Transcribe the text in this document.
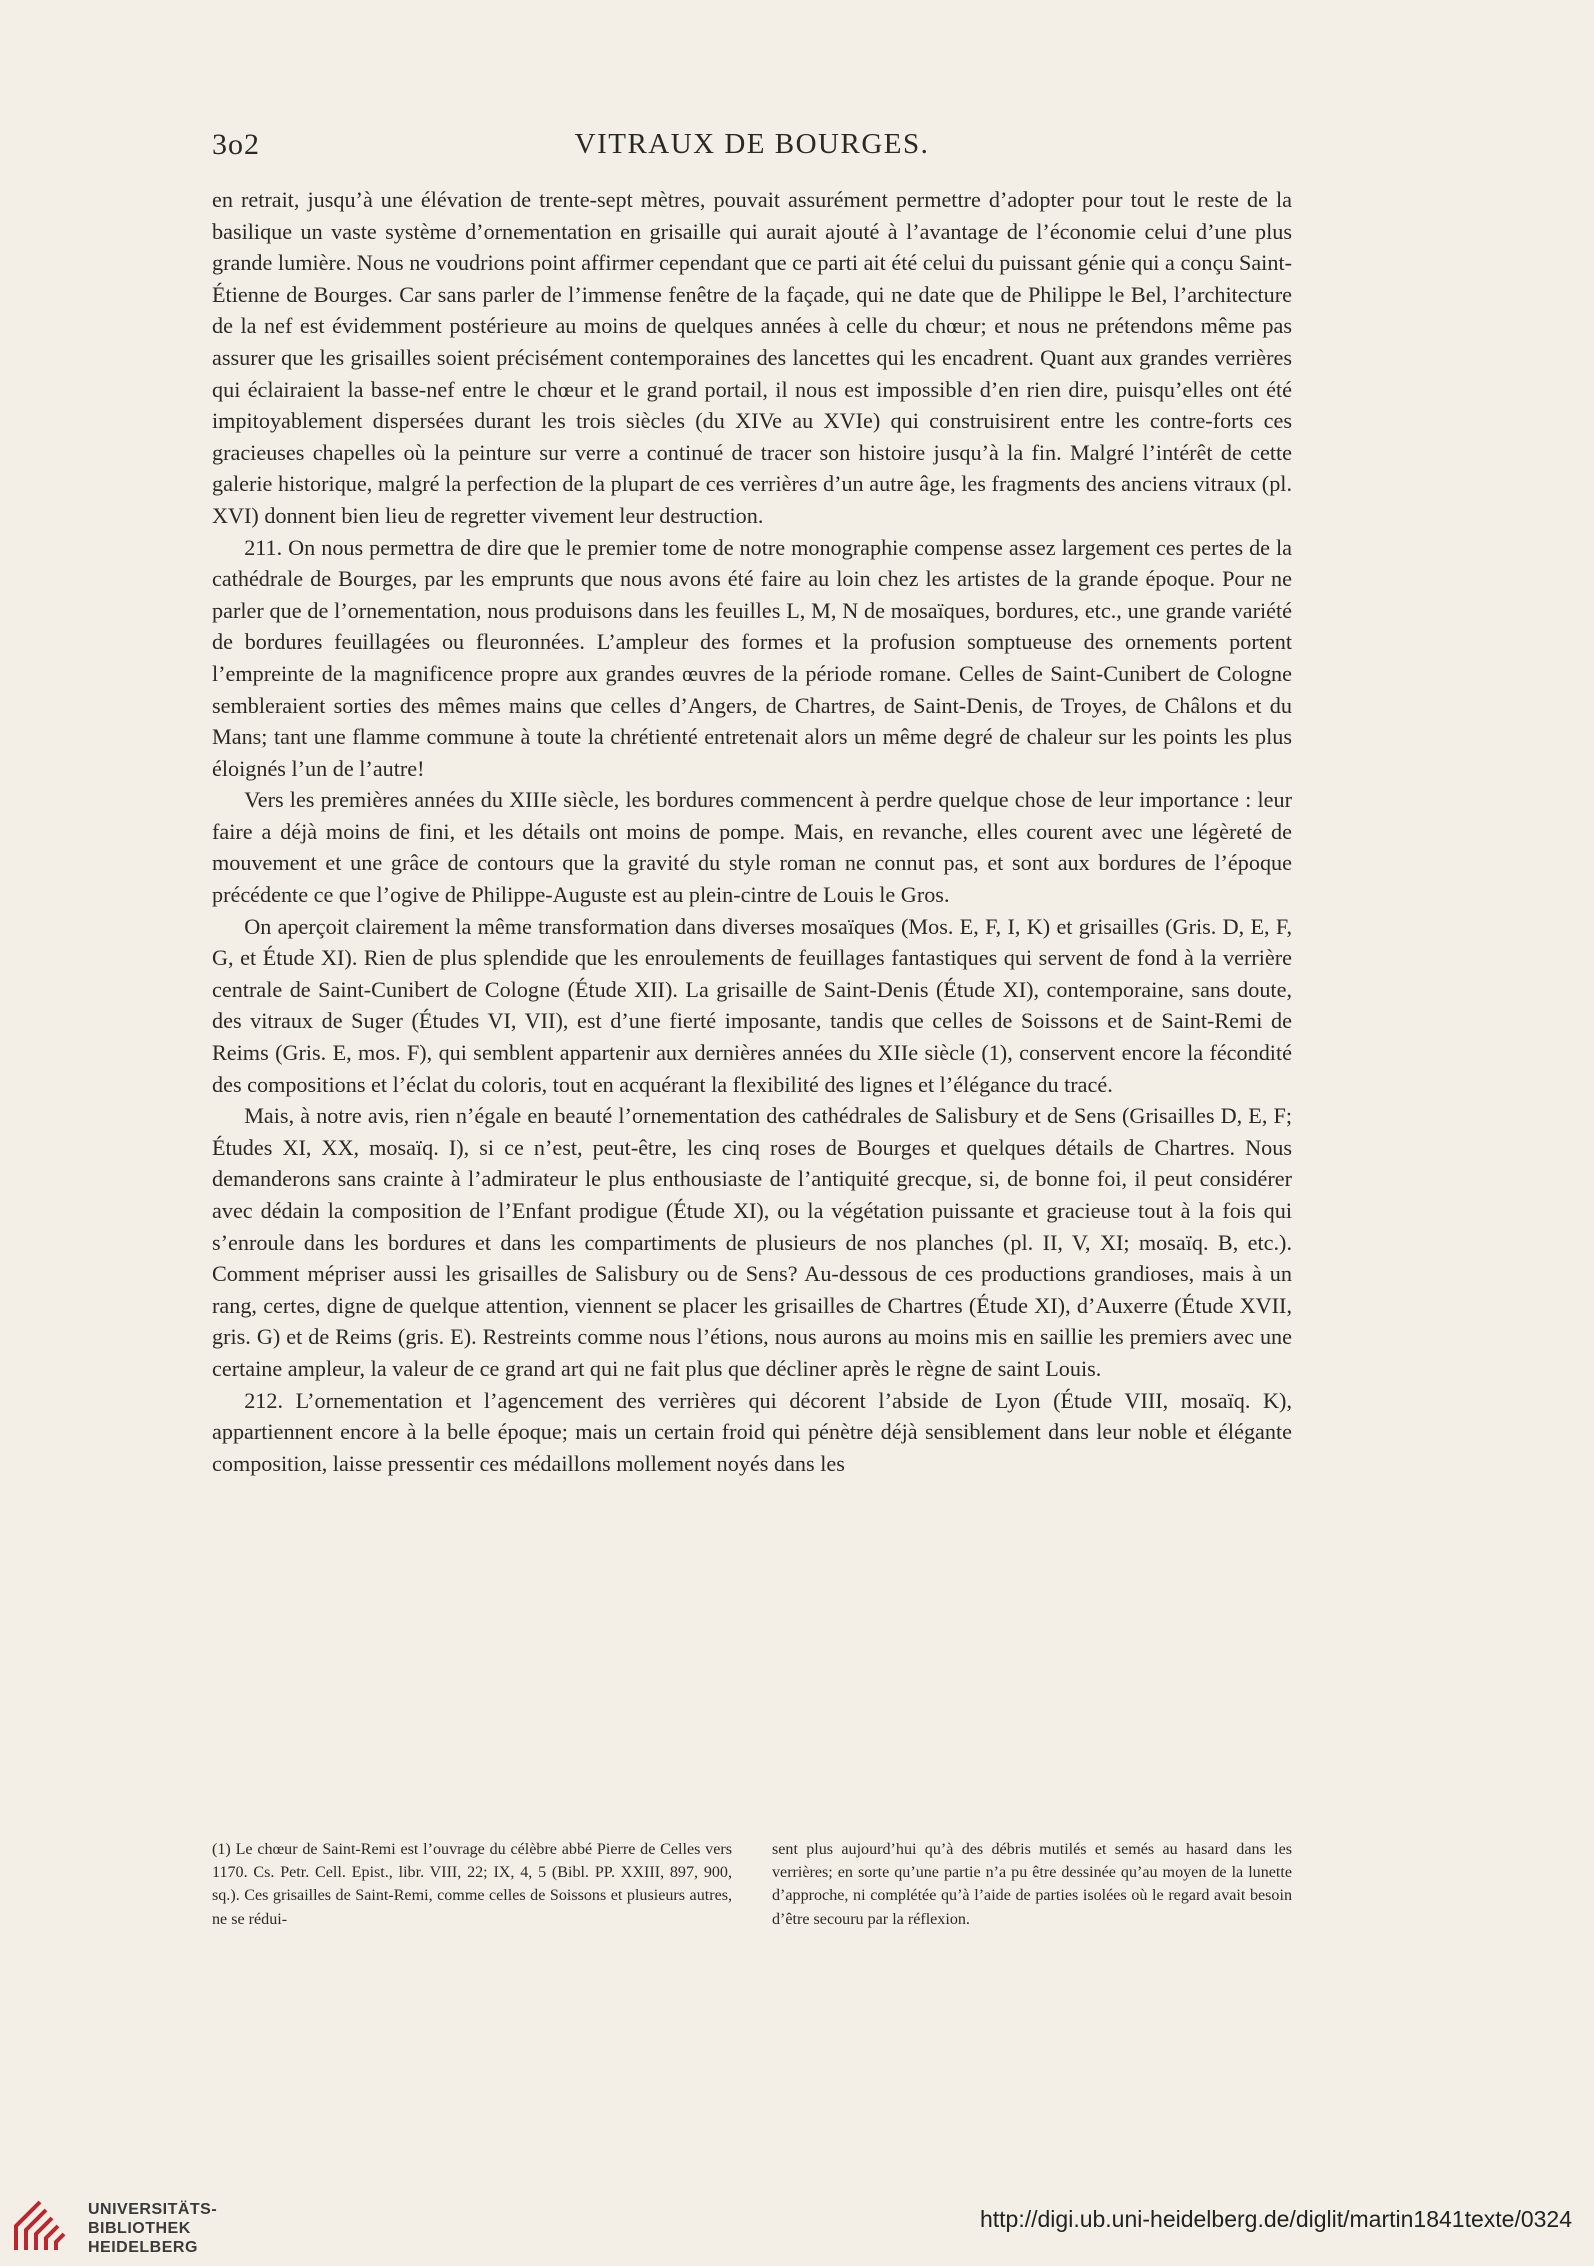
3o2	VITRAUX DE BOURGES.

en retrait, jusqu’à une élévation de trente-sept mètres, pouvait assurément permettre d’adopter pour tout le reste de la basilique un vaste système d’ornementation en grisaille qui aurait ajouté à l’avantage de l’économie celui d’une plus grande lumière. Nous ne voudrions point affirmer cependant que ce parti ait été celui du puissant génie qui a conçu Saint-Étienne de Bourges. Car sans parler de l’immense fenêtre de la façade, qui ne date que de Philippe le Bel, l’architecture de la nef est évidemment postérieure au moins de quelques années à celle du chœur; et nous ne prétendons même pas assurer que les grisailles soient précisément contemporaines des lancettes qui les encadrent. Quant aux grandes verrières qui éclairaient la basse-nef entre le chœur et le grand portail, il nous est impossible d’en rien dire, puisqu’elles ont été impitoyablement dispersées durant les trois siècles (du XIVe au XVIe) qui construisirent entre les contre-forts ces gracieuses chapelles où la peinture sur verre a continué de tracer son histoire jusqu’à la fin. Malgré l’intérêt de cette galerie historique, malgré la perfection de la plupart de ces verrières d’un autre âge, les fragments des anciens vitraux (pl. XVI) donnent bien lieu de regretter vivement leur destruction.

211. On nous permettra de dire que le premier tome de notre monographie compense assez largement ces pertes de la cathédrale de Bourges, par les emprunts que nous avons été faire au loin chez les artistes de la grande époque. Pour ne parler que de l’ornementation, nous produisons dans les feuilles L, M, N de mosaïques, bordures, etc., une grande variété de bordures feuillagées ou fleuronnées. L’ampleur des formes et la profusion somptueuse des ornements portent l’empreinte de la magnificence propre aux grandes œuvres de la période romane. Celles de Saint-Cunibert de Cologne sembleraient sorties des mêmes mains que celles d’Angers, de Chartres, de Saint-Denis, de Troyes, de Châlons et du Mans; tant une flamme commune à toute la chrétienté entretenait alors un même degré de chaleur sur les points les plus éloignés l’un de l’autre!

Vers les premières années du XIIIe siècle, les bordures commencent à perdre quelque chose de leur importance : leur faire a déjà moins de fini, et les détails ont moins de pompe. Mais, en revanche, elles courent avec une légèreté de mouvement et une grâce de contours que la gravité du style roman ne connut pas, et sont aux bordures de l’époque précédente ce que l’ogive de Philippe-Auguste est au plein-cintre de Louis le Gros.

On aperçoit clairement la même transformation dans diverses mosaïques (Mos. E, F, I, K) et grisailles (Gris. D, E, F, G, et Étude XI). Rien de plus splendide que les enroulements de feuillages fantastiques qui servent de fond à la verrière centrale de Saint-Cunibert de Cologne (Étude XII). La grisaille de Saint-Denis (Étude XI), contemporaine, sans doute, des vitraux de Suger (Études VI, VII), est d’une fierté imposante, tandis que celles de Soissons et de Saint-Remi de Reims (Gris. E, mos. F), qui semblent appartenir aux dernières années du XIIe siècle (1), conservent encore la fécondité des compositions et l’éclat du coloris, tout en acquérant la flexibilité des lignes et l’élégance du tracé.

Mais, à notre avis, rien n’égale en beauté l’ornementation des cathédrales de Salisbury et de Sens (Grisailles D, E, F; Études XI, XX, mosaïq. I), si ce n’est, peut-être, les cinq roses de Bourges et quelques détails de Chartres. Nous demanderons sans crainte à l’admirateur le plus enthousiaste de l’antiquité grecque, si, de bonne foi, il peut considérer avec dédain la composition de l’Enfant prodigue (Étude XI), ou la végétation puissante et gracieuse tout à la fois qui s’enroule dans les bordures et dans les compartiments de plusieurs de nos planches (pl. II, V, XI; mosaïq. B, etc.). Comment mépriser aussi les grisailles de Salisbury ou de Sens? Au-dessous de ces productions grandioses, mais à un rang, certes, digne de quelque attention, viennent se placer les grisailles de Chartres (Étude XI), d’Auxerre (Étude XVII, gris. G) et de Reims (gris. E). Restreints comme nous l’étions, nous aurons au moins mis en saillie les premiers avec une certaine ampleur, la valeur de ce grand art qui ne fait plus que décliner après le règne de saint Louis.

212. L’ornementation et l’agencement des verrières qui décorent l’abside de Lyon (Étude VIII, mosaïq. K), appartiennent encore à la belle époque; mais un certain froid qui pénètre déjà sensiblement dans leur noble et élégante composition, laisse pressentir ces médaillons mollement noyés dans les

(1) Le chœur de Saint-Remi est l’ouvrage du célèbre abbé Pierre de Celles vers 1170. Cs. Petr. Cell. Epist., libr. VIII, 22; IX, 4, 5 (Bibl. PP. XXIII, 897, 900, sq.). Ces grisailles de Saint-Remi, comme celles de Soissons et plusieurs autres, ne se rédui-

sent plus aujourd’hui qu’à des débris mutilés et semés au hasard dans les verrières; en sorte qu’une partie n’a pu être dessinée qu’au moyen de la lunette d’approche, ni complétée qu’à l’aide de parties isolées où le regard avait besoin d’être secouru par la réflexion.

UNIVERSITÄTS-
BIBLIOTHEK
HEIDELBERG
http://digi.ub.uni-heidelberg.de/diglit/martin1841texte/0324
